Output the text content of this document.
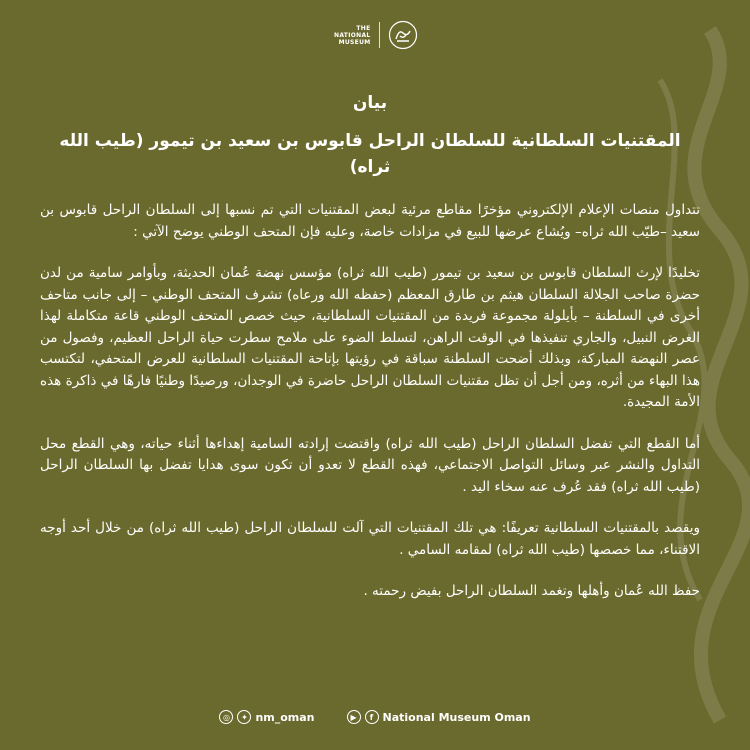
THE
NATIONAL
MUSEUM
بيان
المقتنيات السلطانية للسلطان الراحل قابوس بن سعيد بن تيمور (طيب الله ثراه)

تتداول منصات الإعلام الإلكتروني مؤخرًا مقاطع مرئية لبعض المقتنيات التي تم نسبها إلى السلطان الراحل قابوس بن سعيد –طيّب الله ثراه– ويُشاع عرضها للبيع في مزادات خاصة، وعليه فإن المتحف الوطني يوضح الآتي :

تخليدًا لإرث السلطان قابوس بن سعيد بن تيمور (طيب الله ثراه) مؤسس نهضة عُمان الحديثة، وبأوامر سامية من لدن حضرة صاحب الجلالة السلطان هيثم بن طارق المعظم (حفظه الله ورعاه) تشرف المتحف الوطني – إلى جانب متاحف أخرى في السلطنة – بأيلولة مجموعة فريدة من المقتنيات السلطانية، حيث خصص المتحف الوطني قاعة متكاملة لهذا الغرض النبيل، والجاري تنفيذها في الوقت الراهن، لتسلط الضوء على ملامح سطرت حياة الراحل العظيم، وفصول من عصر النهضة المباركة، وبذلك أضحت السلطنة سباقة في رؤيتها بإتاحة المقتنيات السلطانية للعرض المتحفي، لتكتسب هذا البهاء من أثره، ومن أجل أن تظل مقتنيات السلطان الراحل حاضرة في الوجدان، ورصيدًا وطنيًا فارهًا في ذاكرة هذه الأمة المجيدة.

أما القطع التي تفضل السلطان الراحل (طيب الله ثراه) واقتضت إرادته السامية إهداءها أثناء حياته، وهي القطع محل التداول والنشر عبر وسائل التواصل الاجتماعي، فهذه القطع لا تعدو أن تكون سوى هدايا تفضل بها السلطان الراحل (طيب الله ثراه) فقد عُرف عنه سخاء اليد .

ويقصد بالمقتنيات السلطانية تعريفًا: هي تلك المقتنيات التي آلت للسلطان الراحل (طيب الله ثراه) من خلال أحد أوجه الاقتناء، مما خصصها (طيب الله ثراه) لمقامه السامي .

حفظ الله عُمان وأهلها وتغمد السلطان الراحل بفيض رحمته .

◎	✦ nm_oman	▶	f National Museum Oman
